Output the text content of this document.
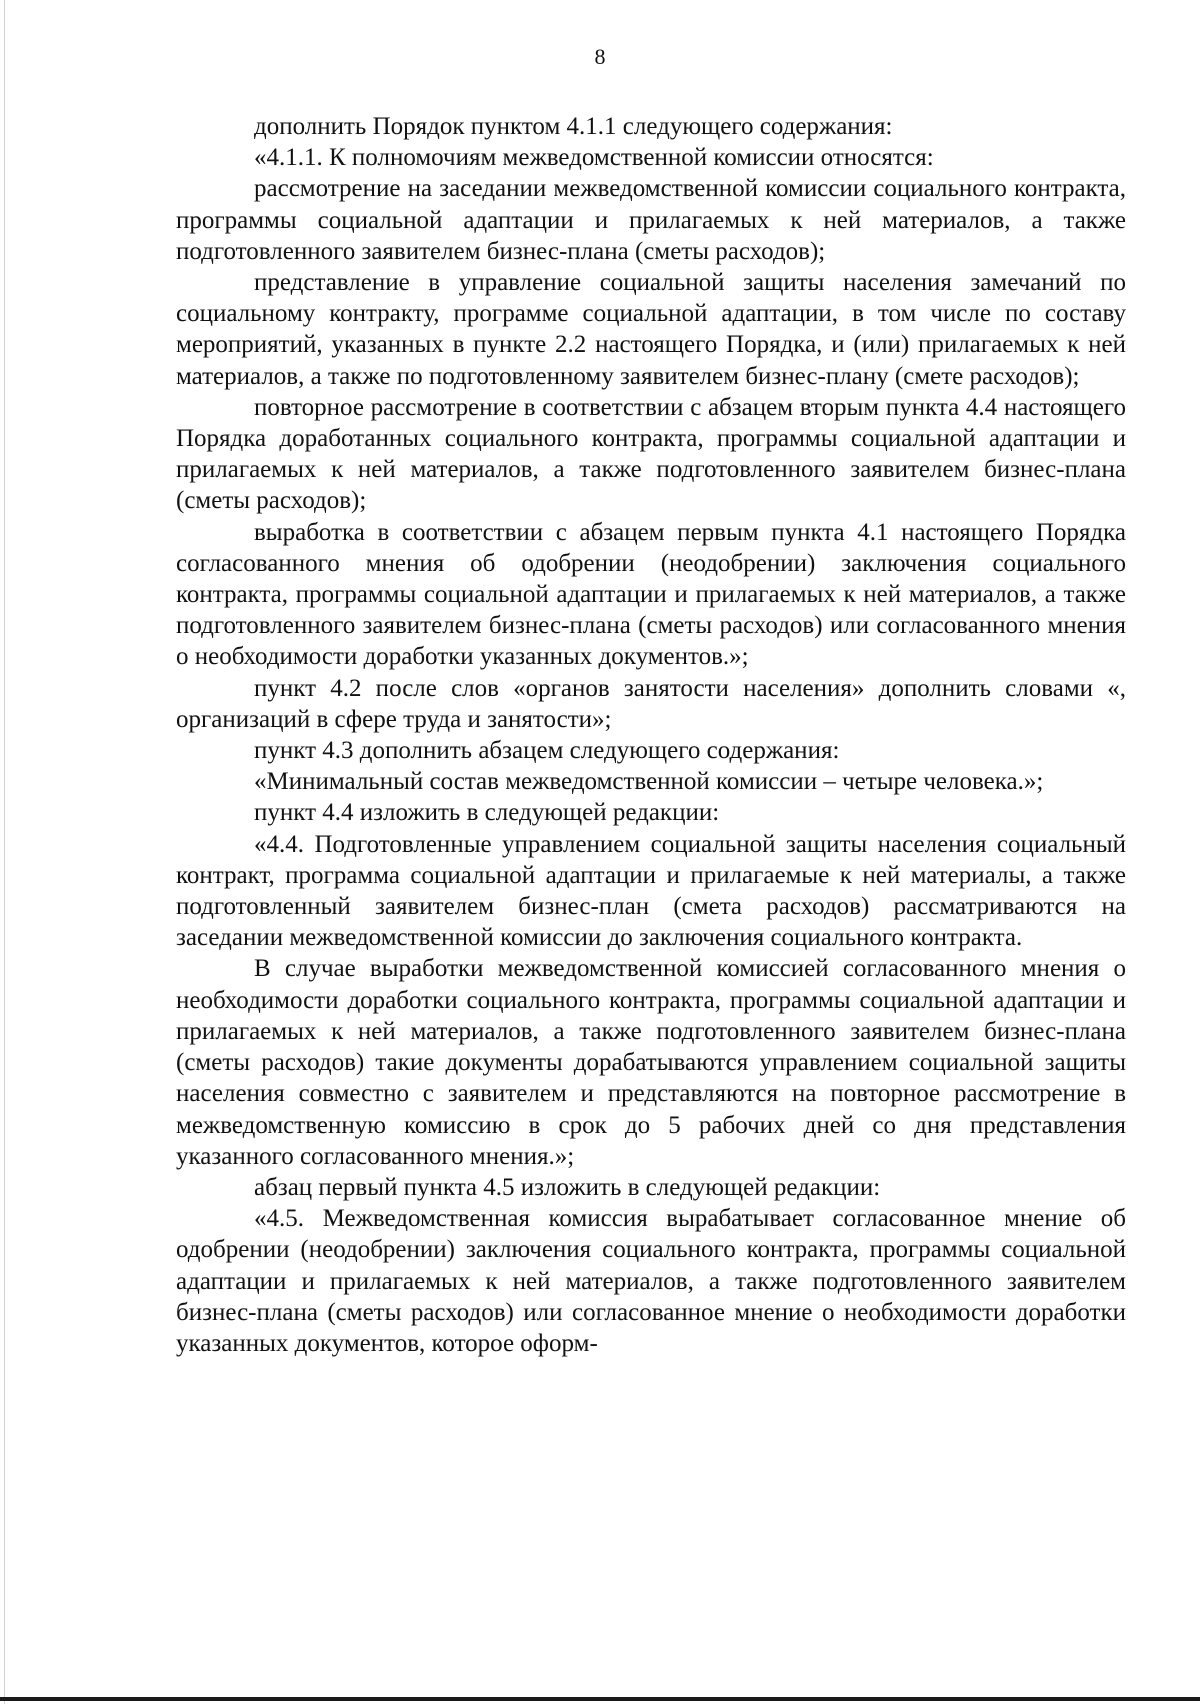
8

дополнить Порядок пунктом 4.1.1 следующего содержания:

«4.1.1. К полномочиям межведомственной комиссии относятся:

рассмотрение на заседании межведомственной комиссии социального контракта, программы социальной адаптации и прилагаемых к ней материалов, а также подготовленного заявителем бизнес-плана (сметы расходов);

представление в управление социальной защиты населения замечаний по социальному контракту, программе социальной адаптации, в том числе по составу мероприятий, указанных в пункте 2.2 настоящего Порядка, и (или) прилагаемых к ней материалов, а также по подготовленному заявителем бизнес-плану (смете расходов);

повторное рассмотрение в соответствии с абзацем вторым пункта 4.4 настоящего Порядка доработанных социального контракта, программы социальной адаптации и прилагаемых к ней материалов, а также подготовленного заявителем бизнес-плана (сметы расходов);

выработка в соответствии с абзацем первым пункта 4.1 настоящего Порядка согласованного мнения об одобрении (неодобрении) заключения социального контракта, программы социальной адаптации и прилагаемых к ней материалов, а также подготовленного заявителем бизнес-плана (сметы расходов) или согласованного мнения о необходимости доработки указанных документов.»;

пункт 4.2 после слов «органов занятости населения» дополнить словами «, организаций в сфере труда и занятости»;

пункт 4.3 дополнить абзацем следующего содержания:

«Минимальный состав межведомственной комиссии – четыре человека.»;

пункт 4.4 изложить в следующей редакции:

«4.4. Подготовленные управлением социальной защиты населения социальный контракт, программа социальной адаптации и прилагаемые к ней материалы, а также подготовленный заявителем бизнес-план (смета расходов) рассматриваются на заседании межведомственной комиссии до заключения социального контракта.

В случае выработки межведомственной комиссией согласованного мнения о необходимости доработки социального контракта, программы социальной адаптации и прилагаемых к ней материалов, а также подготовленного заявителем бизнес-плана (сметы расходов) такие документы дорабатываются управлением социальной защиты населения совместно с заявителем и представляются на повторное рассмотрение в межведомственную комиссию в срок до 5 рабочих дней со дня представления указанного согласованного мнения.»;

абзац первый пункта 4.5 изложить в следующей редакции:

«4.5. Межведомственная комиссия вырабатывает согласованное мнение об одобрении (неодобрении) заключения социального контракта, программы социальной адаптации и прилагаемых к ней материалов, а также подготовленного заявителем бизнес-плана (сметы расходов) или согласованное мнение о необходимости доработки указанных документов, которое оформ-
